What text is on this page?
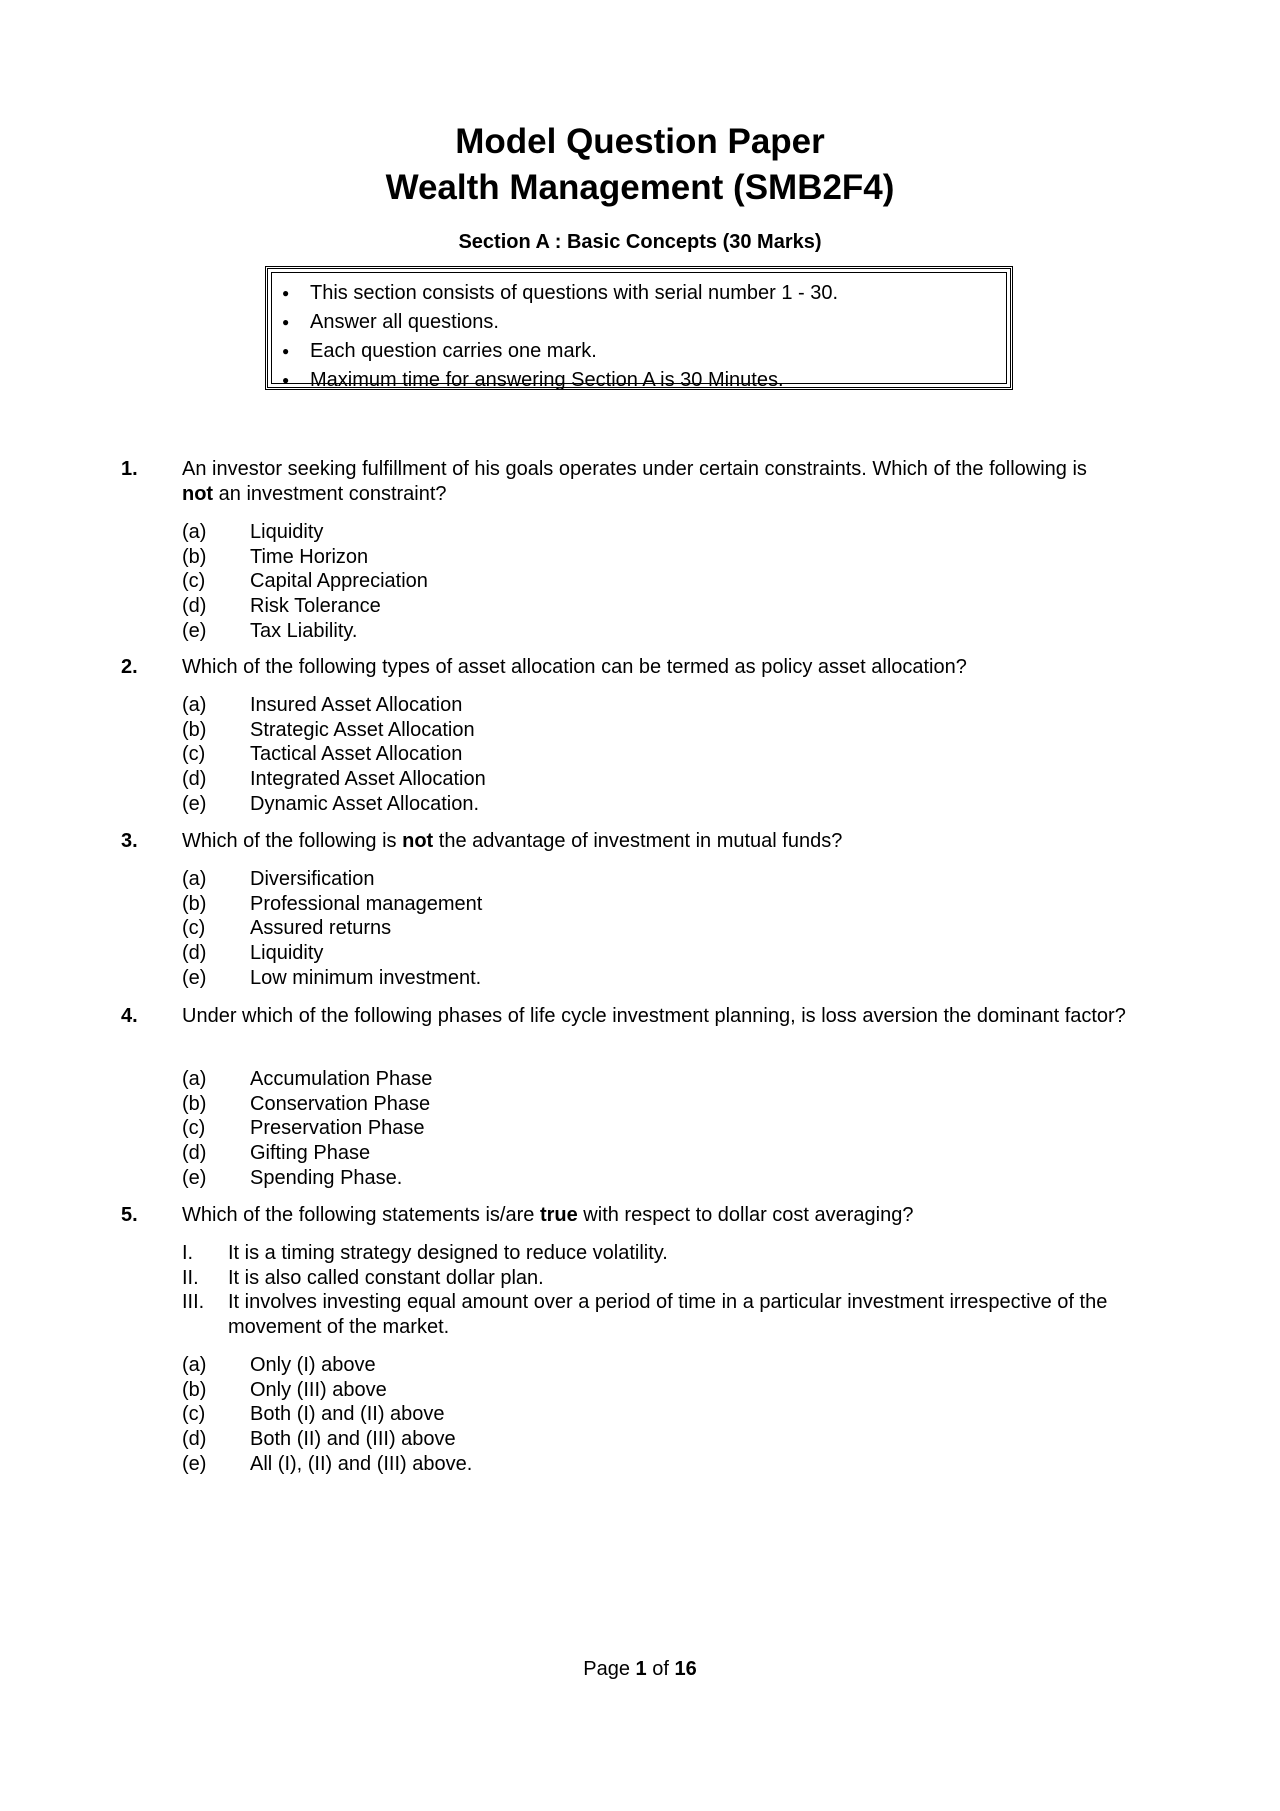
Model Question Paper
Wealth Management (SMB2F4)
Section A : Basic Concepts (30 Marks)
● This section consists of questions with serial number 1 - 30.
● Answer all questions.
● Each question carries one mark.
● Maximum time for answering Section A is 30 Minutes.
1. An investor seeking fulfillment of his goals operates under certain constraints. Which of the following is
not an investment constraint?
(a) Liquidity
(b) Time Horizon
(c) Capital Appreciation
(d) Risk Tolerance
(e) Tax Liability.
2. Which of the following types of asset allocation can be termed as policy asset allocation?
(a) Insured Asset Allocation
(b) Strategic Asset Allocation
(c) Tactical Asset Allocation
(d) Integrated Asset Allocation
(e) Dynamic Asset Allocation.
3. Which of the following is not the advantage of investment in mutual funds?
(a) Diversification
(b) Professional management
(c) Assured returns
(d) Liquidity
(e) Low minimum investment.
4. Under which of the following phases of life cycle investment planning, is loss aversion the dominant factor?
(a) Accumulation Phase
(b) Conservation Phase
(c) Preservation Phase
(d) Gifting Phase
(e) Spending Phase.
5. Which of the following statements is/are true with respect to dollar cost averaging?
I. It is a timing strategy designed to reduce volatility.
II. It is also called constant dollar plan.
III. It involves investing equal amount over a period of time in a particular investment irrespective of the movement of the market.
(a) Only (I) above
(b) Only (III) above
(c) Both (I) and (II) above
(d) Both (II) and (III) above
(e) All (I), (II) and (III) above.
Page 1 of 16
